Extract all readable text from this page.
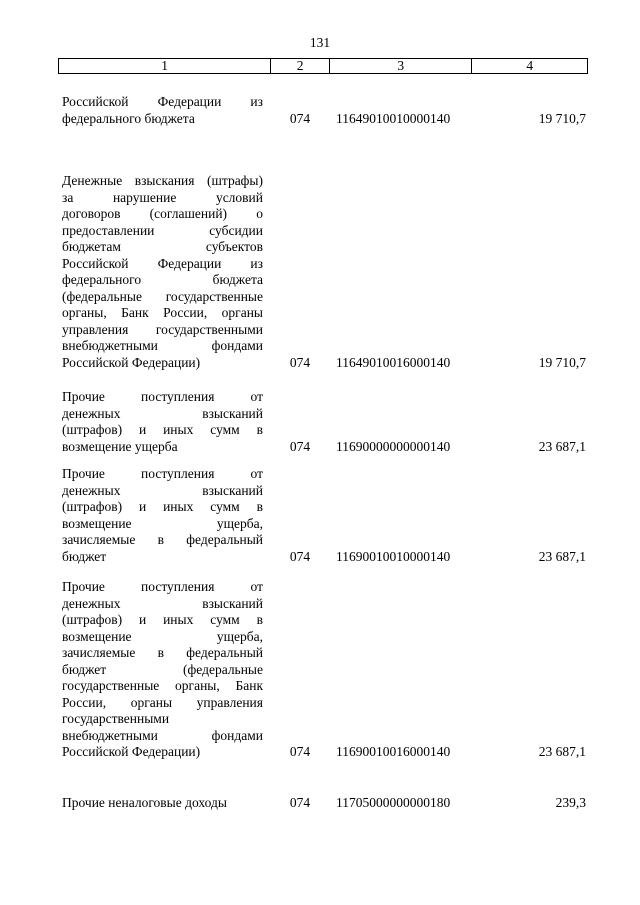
131
1	2	3	4
Российской Федерации из
федерального бюджета	074	11649010010000140	19 710,7
Денежные взыскания (штрафы)
за нарушение условий
договоров (соглашений) о
предоставлении субсидии
бюджетам субъектов
Российской Федерации из
федерального бюджета
(федеральные государственные
органы, Банк России, органы
управления государственными
внебюджетными фондами
Российской Федерации)	074	11649010016000140	19 710,7
Прочие поступления от
денежных взысканий
(штрафов) и иных сумм в
возмещение ущерба	074	11690000000000140	23 687,1
Прочие поступления от
денежных взысканий
(штрафов) и иных сумм в
возмещение ущерба,
зачисляемые в федеральный
бюджет	074	11690010010000140	23 687,1
Прочие поступления от
денежных взысканий
(штрафов) и иных сумм в
возмещение ущерба,
зачисляемые в федеральный
бюджет (федеральные
государственные органы, Банк
России, органы управления
государственными
внебюджетными фондами
Российской Федерации)	074	11690010016000140	23 687,1
Прочие неналоговые доходы	074	11705000000000180	239,3
